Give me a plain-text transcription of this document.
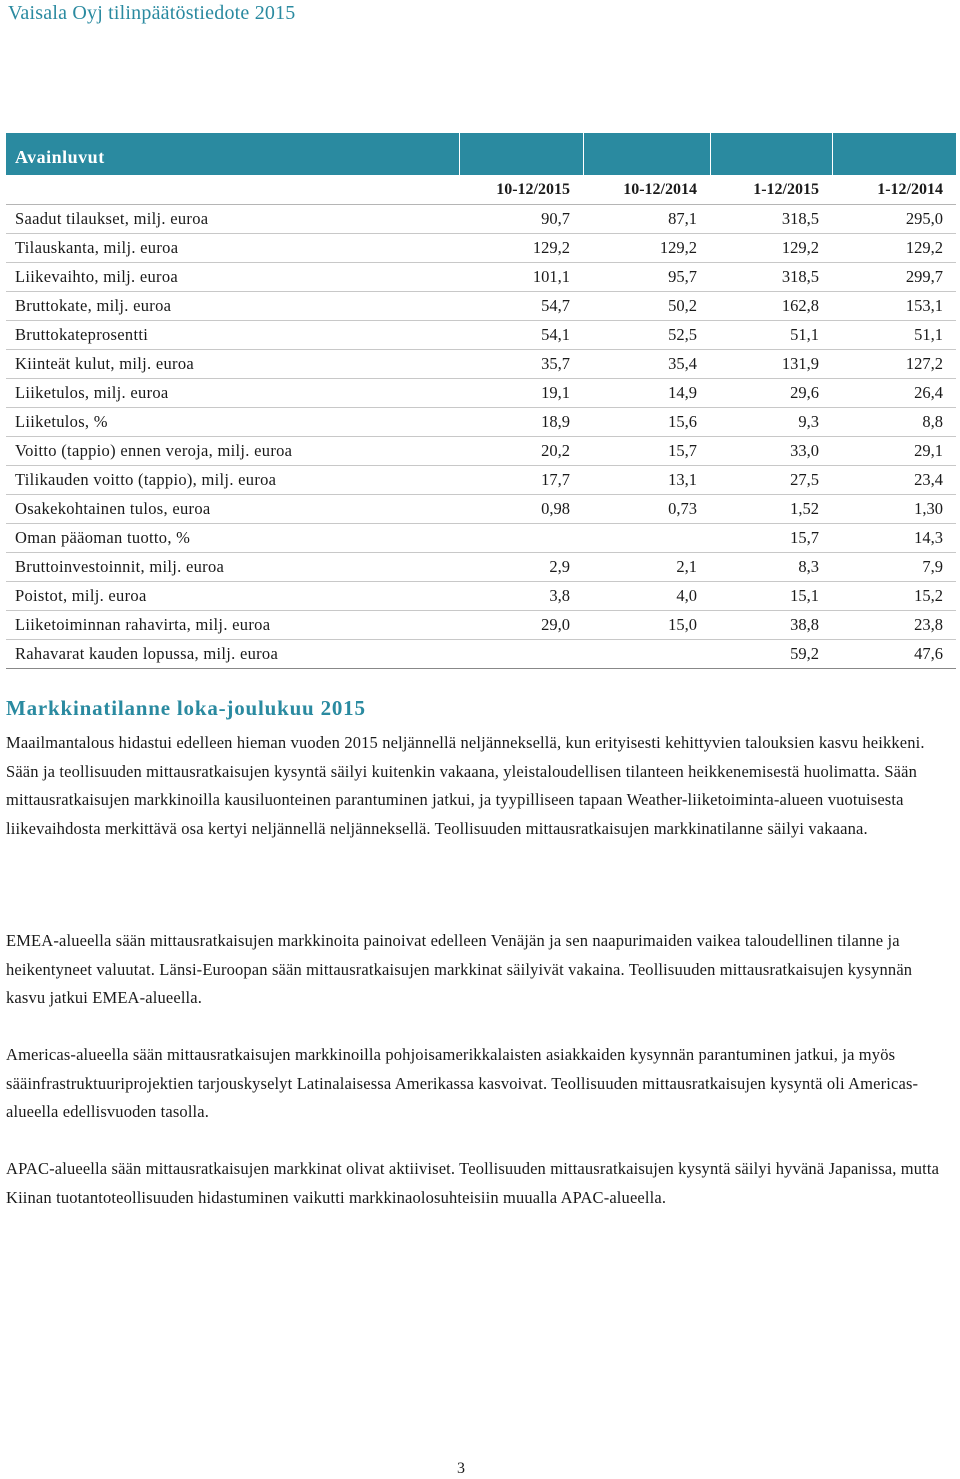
Vaisala Oyj tilinpäätöstiedote 2015
Avainluvut				
	10-12/2015	10-12/2014	1-12/2015	1-12/2014
Saadut tilaukset, milj. euroa	90,7	87,1	318,5	295,0
Tilauskanta, milj. euroa	129,2	129,2	129,2	129,2
Liikevaihto, milj. euroa	101,1	95,7	318,5	299,7
Bruttokate, milj. euroa	54,7	50,2	162,8	153,1
Bruttokateprosentti	54,1	52,5	51,1	51,1
Kiinteät kulut, milj. euroa	35,7	35,4	131,9	127,2
Liiketulos, milj. euroa	19,1	14,9	29,6	26,4
Liiketulos, %	18,9	15,6	9,3	8,8
Voitto (tappio) ennen veroja, milj. euroa	20,2	15,7	33,0	29,1
Tilikauden voitto (tappio), milj. euroa	17,7	13,1	27,5	23,4
Osakekohtainen tulos, euroa	0,98	0,73	1,52	1,30
Oman pääoman tuotto, %			15,7	14,3
Bruttoinvestoinnit, milj. euroa	2,9	2,1	8,3	7,9
Poistot, milj. euroa	3,8	4,0	15,1	15,2
Liiketoiminnan rahavirta, milj. euroa	29,0	15,0	38,8	23,8
Rahavarat kauden lopussa, milj. euroa			59,2	47,6
Markkinatilanne loka-joulukuu 2015

Maailmantalous hidastui edelleen hieman vuoden 2015 neljännellä neljänneksellä, kun erityisesti kehittyvien talouksien kasvu heikkeni. Sään ja teollisuuden mittausratkaisujen kysyntä säilyi kuitenkin vakaana, yleistaloudellisen tilanteen heikkenemisestä huolimatta. Sään mittausratkaisujen markkinoilla kausiluonteinen parantuminen jatkui, ja tyypilliseen tapaan Weather-liiketoiminta-alueen vuotuisesta liikevaihdosta merkittävä osa kertyi neljännellä neljänneksellä. Teollisuuden mittausratkaisujen markkinatilanne säilyi vakaana.

EMEA-alueella sään mittausratkaisujen markkinoita painoivat edelleen Venäjän ja sen naapurimaiden vaikea taloudellinen tilanne ja heikentyneet valuutat. Länsi-Euroopan sään mittausratkaisujen markkinat säilyivät vakaina. Teollisuuden mittausratkaisujen kysynnän kasvu jatkui EMEA-alueella.

Americas-alueella sään mittausratkaisujen markkinoilla pohjoisamerikkalaisten asiakkaiden kysynnän parantuminen jatkui, ja myös sääinfrastruktuuriprojektien tarjouskyselyt Latinalaisessa Amerikassa kasvoivat. Teollisuuden mittausratkaisujen kysyntä oli Americas-alueella edellisvuoden tasolla.

APAC-alueella sään mittausratkaisujen markkinat olivat aktiiviset. Teollisuuden mittausratkaisujen kysyntä säilyi hyvänä Japanissa, mutta Kiinan tuotantoteollisuuden hidastuminen vaikutti markkinaolosuhteisiin muualla APAC-alueella.

3
